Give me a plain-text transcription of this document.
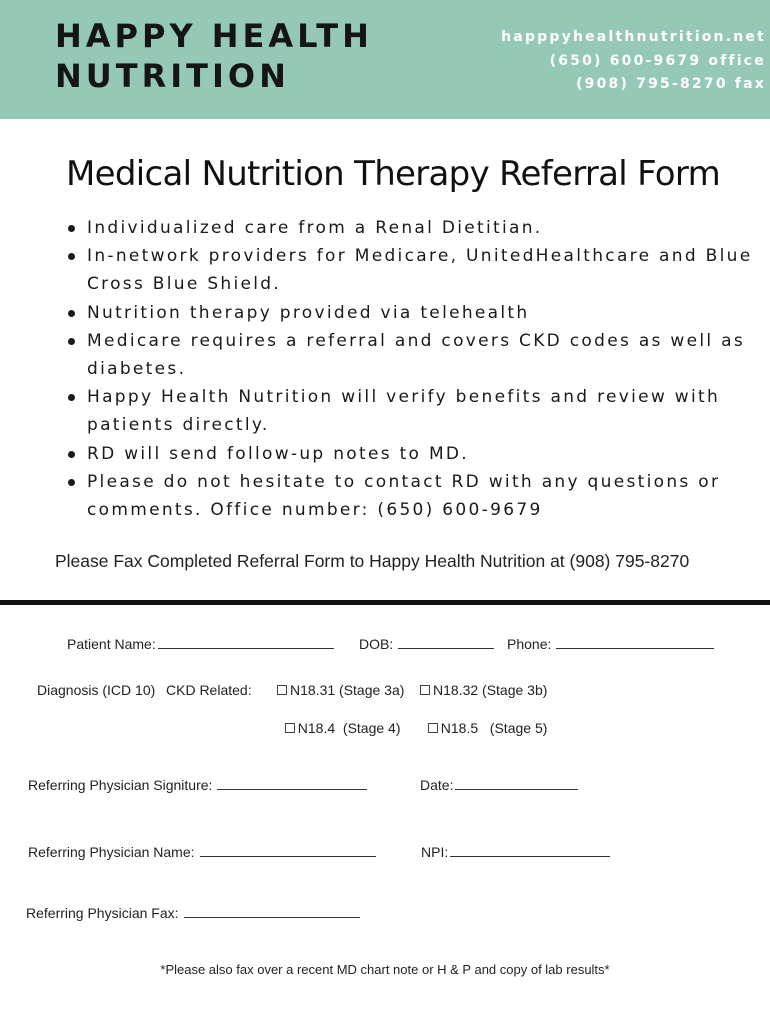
HAPPY HEALTH
NUTRITION
happpyhealthnutrition.net
(650) 600-9679 office
(908) 795-8270 fax
Medical Nutrition Therapy Referral Form
Individualized care from a Renal Dietitian.
In-network providers for Medicare, UnitedHealthcare and Blue Cross Blue Shield.
Nutrition therapy provided via telehealth
Medicare requires a referral and covers CKD codes as well as diabetes.
Happy Health Nutrition will verify benefits and review with patients directly.
RD will send follow-up notes to MD.
Please do not hesitate to contact RD with any questions or comments. Office number: (650) 600-9679
Please Fax Completed Referral Form to Happy Health Nutrition at (908) 795-8270
Patient Name:	DOB:	Phone:
Diagnosis (ICD 10) CKD Related:	N18.31 (Stage 3a)	N18.32 (Stage 3b)

N18.4  (Stage 4)	N18.5   (Stage 5)

Referring Physician Signiture:	Date:
Referring Physician Name:	NPI:
Referring Physician Fax:
*Please also fax over a recent MD chart note or H & P and copy of lab results*
